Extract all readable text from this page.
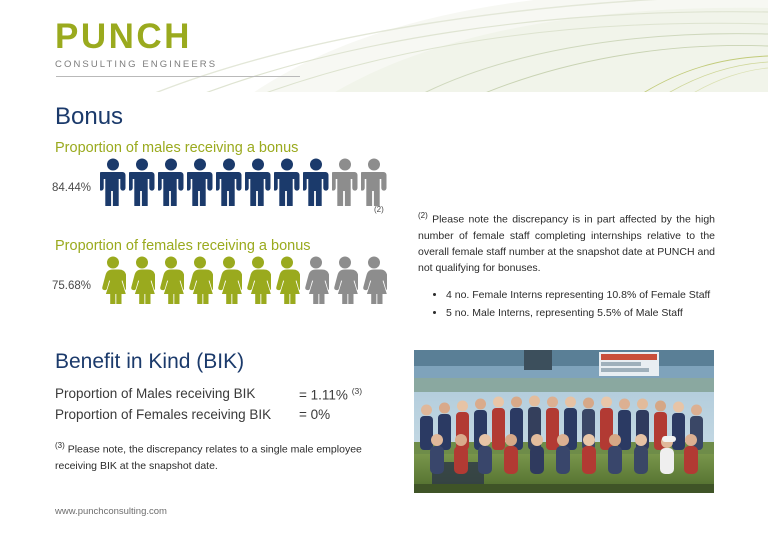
PUNCH
CONSULTING ENGINEERS
Bonus
Proportion of males receiving a bonus
84.44%
(2)
Proportion of females receiving a bonus
75.68%
$^{(2)}$ Please note the discrepancy is in part affected by the high number of female staff completing internships relative to the overall female staff number at the snapshot date at PUNCH and not qualifying for bonuses.
• 4 no. Female Interns representing 10.8% of Female Staff
• 5 no. Male Interns, representing 5.5% of Male Staff
Benefit in Kind (BIK)
Proportion of Males receiving BIK	= 1.11% $^{(3)}$
Proportion of Females receiving BIK = 0%
$^{(3)}$ Please note, the discrepancy relates to a single male employee receiving BIK at the snapshot date.
www.punchconsulting.com
